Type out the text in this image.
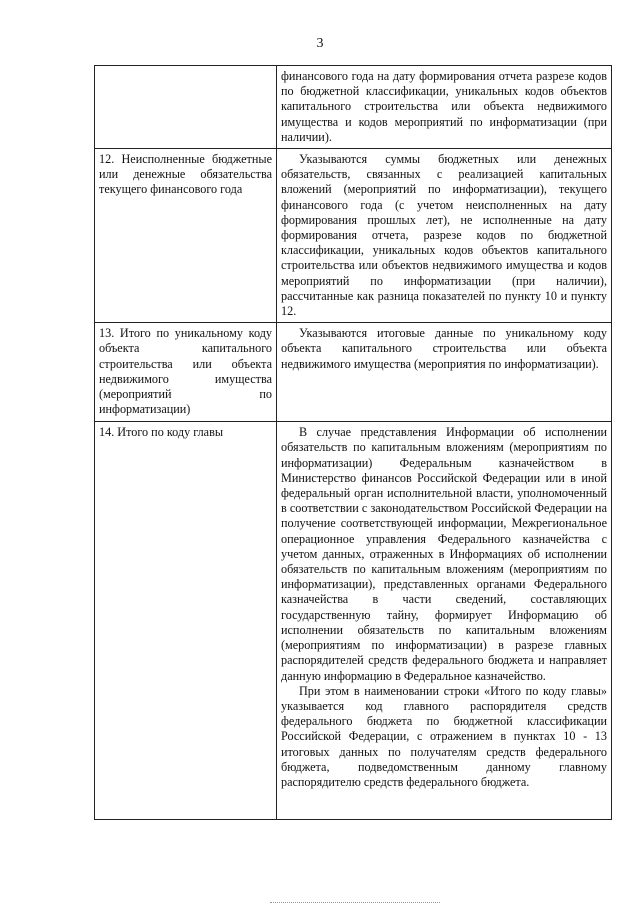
3

	финансового года на дату формирования отчета разрезе кодов по бюджетной классификации, уникальных кодов объектов капитального строительства или объекта недвижимого имущества и кодов мероприятий по информатизации (при наличии).

12. Неисполненные бюджетные или денежные обязательства текущего финансового года	Указываются суммы бюджетных или денежных обязательств, связанных с реализацией капитальных вложений (мероприятий по информатизации), текущего финансового года (с учетом неисполненных на дату формирования прошлых лет), не исполненные на дату формирования отчета, разрезе кодов по бюджетной классификации, уникальных кодов объектов капитального строительства или объектов недвижимого имущества и кодов мероприятий по информатизации (при наличии), рассчитанные как разница показателей по пункту 10 и пункту 12.

13. Итого по уникальному коду объекта капитального строительства или объекта недвижимого имущества (мероприятий по информатизации)	Указываются итоговые данные по уникальному коду объекта капитального строительства или объекта недвижимого имущества (мероприятия по информатизации).

14. Итого по коду главы	В случае представления Информации об исполнении обязательств по капитальным вложениям (мероприятиям по информатизации) Федеральным казначейством в Министерство финансов Российской Федерации или в иной федеральный орган исполнительной власти, уполномоченный в соответствии с законодательством Российской Федерации на получение соответствующей информации, Межрегиональное операционное управления Федерального казначейства с учетом данных, отраженных в Информациях об исполнении обязательств по капитальным вложениям (мероприятиям по информатизации), представленных органами Федерального казначейства в части сведений, составляющих государственную тайну, формирует Информацию об исполнении обязательств по капитальным вложениям (мероприятиям по информатизации) в разрезе главных распорядителей средств федерального бюджета и направляет данную информацию в Федеральное казначейство.

При этом в наименовании строки «Итого по коду главы» указывается код главного распорядителя средств федерального бюджета по бюджетной классификации Российской Федерации, с отражением в пунктах 10 - 13 итоговых данных по получателям средств федерального бюджета, подведомственным данному главному распорядителю средств федерального бюджета.
